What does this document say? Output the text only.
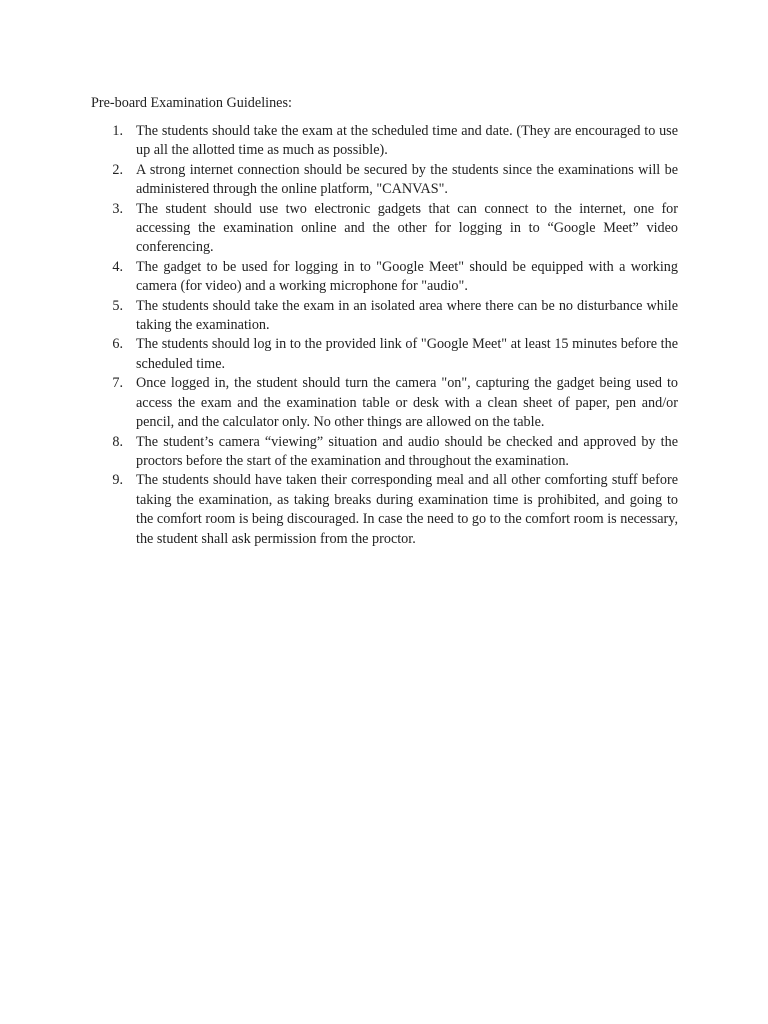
Pre-board Examination Guidelines:

1. The students should take the exam at the scheduled time and date. (They are encouraged to use up all the allotted time as much as possible).
2. A strong internet connection should be secured by the students since the examinations will be administered through the online platform, "CANVAS".
3. The student should use two electronic gadgets that can connect to the internet, one for accessing the examination online and the other for logging in to “Google Meet” video conferencing.
4. The gadget to be used for logging in to "Google Meet" should be equipped with a working camera (for video) and a working microphone for "audio".
5. The students should take the exam in an isolated area where there can be no disturbance while taking the examination.
6. The students should log in to the provided link of "Google Meet" at least 15 minutes before the scheduled time.
7. Once logged in, the student should turn the camera "on", capturing the gadget being used to access the exam and the examination table or desk with a clean sheet of paper, pen and/or pencil, and the calculator only. No other things are allowed on the table.
8. The student’s camera “viewing” situation and audio should be checked and approved by the proctors before the start of the examination and throughout the examination.
9. The students should have taken their corresponding meal and all other comforting stuff before taking the examination, as taking breaks during examination time is prohibited, and going to the comfort room is being discouraged. In case the need to go to the comfort room is necessary, the student shall ask permission from the proctor.
